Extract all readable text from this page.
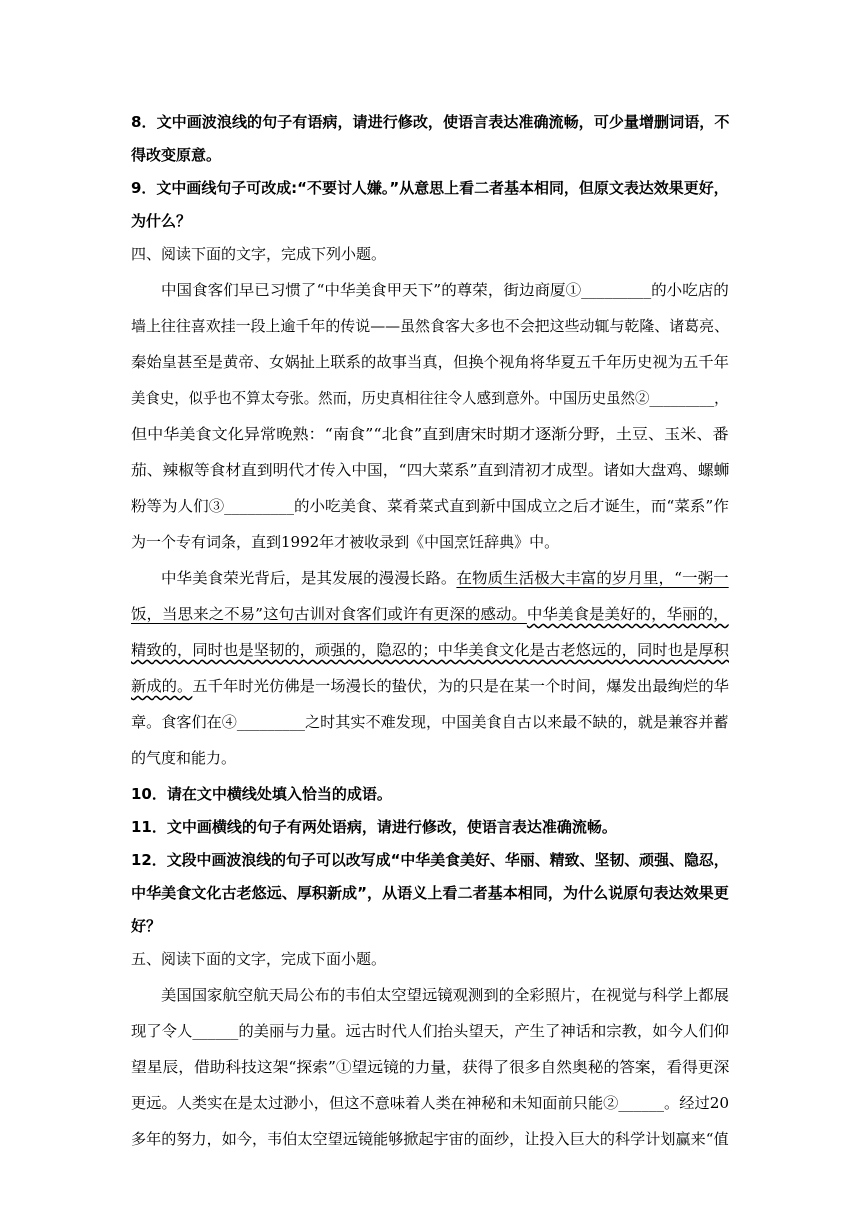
8．文中画波浪线的句子有语病，请进行修改，使语言表达准确流畅，可少量增删词语，不
得改变原意。
9．文中画线句子可改成:“不要讨人嫌。”从意思上看二者基本相同，但原文表达效果更好，
为什么？
四、阅读下面的文字，完成下列小题。
中国食客们早已习惯了“中华美食甲天下”的尊荣，街边商厦①_________的小吃店的
墙上往往喜欢挂一段上逾千年的传说——虽然食客大多也不会把这些动辄与乾隆、诸葛亮、
秦始皇甚至是黄帝、女娲扯上联系的故事当真，但换个视角将华夏五千年历史视为五千年
美食史，似乎也不算太夸张。然而，历史真相往往令人感到意外。中国历史虽然②_________，
但中华美食文化异常晚熟：“南食”“北食”直到唐宋时期才逐渐分野，土豆、玉米、番
茄、辣椒等食材直到明代才传入中国，“四大菜系”直到清初才成型。诸如大盘鸡、螺蛳
粉等为人们③_________的小吃美食、菜肴菜式直到新中国成立之后才诞生，而“菜系”作
为一个专有词条，直到1992年才被收录到《中国烹饪辞典》中。
中华美食荣光背后，是其发展的漫漫长路。在物质生活极大丰富的岁月里，“一粥一
饭，当思来之不易”这句古训对食客们或许有更深的感动。中华美食是美好的，华丽的，
精致的，同时也是坚韧的，顽强的，隐忍的；中华美食文化是古老悠远的，同时也是厚积
章。食客们在④_________之时其实不难发现，中国美食自古以来最不缺的，就是兼容并蓄
的气度和能力。
10．请在文中横线处填入恰当的成语。
11．文中画横线的句子有两处语病，请进行修改，使语言表达准确流畅。
12．文段中画波浪线的句子可以改写成“中华美食美好、华丽、精致、坚韧、顽强、隐忍，
中华美食文化古老悠远、厚积新成”，从语义上看二者基本相同，为什么说原句表达效果更
好？
五、阅读下面的文字，完成下面小题。
美国国家航空航天局公布的韦伯太空望远镜观测到的全彩照片，在视觉与科学上都展
现了令人______的美丽与力量。远古时代人们抬头望天，产生了神话和宗教，如今人们仰
望星辰，借助科技这架“探索”①望远镜的力量，获得了很多自然奥秘的答案，看得更深
更远。人类实在是太过渺小，但这不意味着人类在神秘和未知面前只能②______。经过20
多年的努力，如今，韦伯太空望远镜能够掀起宇宙的面纱，让投入巨大的科学计划赢来“值
新成的。五千年时光仿佛是一场漫长的蛰伏，为的只是在某一个时间，爆发出最绚烂的华
